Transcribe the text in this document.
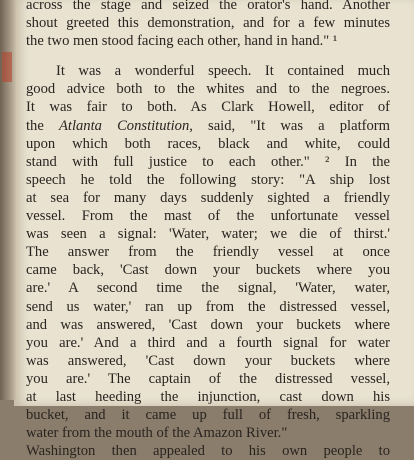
across the stage and seized the orator's hand. Another
shout greeted this demonstration, and for a few minutes
the two men stood facing each other, hand in hand." ¹
It was a wonderful speech. It contained much
good advice both to the whites and to the negroes.
It was fair to both. As Clark Howell, editor of
the Atlanta Constitution, said, "It was a platform
upon which both races, black and white, could
stand with full justice to each other." ² In the
speech he told the following story: "A ship lost
at sea for many days suddenly sighted a friendly
vessel. From the mast of the unfortunate vessel
was seen a signal: 'Water, water; we die of thirst.'
The answer from the friendly vessel at once
came back, 'Cast down your buckets where you
are.' A second time the signal, 'Water, water,
send us water,' ran up from the distressed vessel,
and was answered, 'Cast down your buckets where
you are.' And a third and a fourth signal for water
was answered, 'Cast down your buckets where
you are.' The captain of the distressed vessel,
at last heeding the injunction, cast down his
bucket, and it came up full of fresh, sparkling
water from the mouth of the Amazon River."
Washington then appealed to his own people to
